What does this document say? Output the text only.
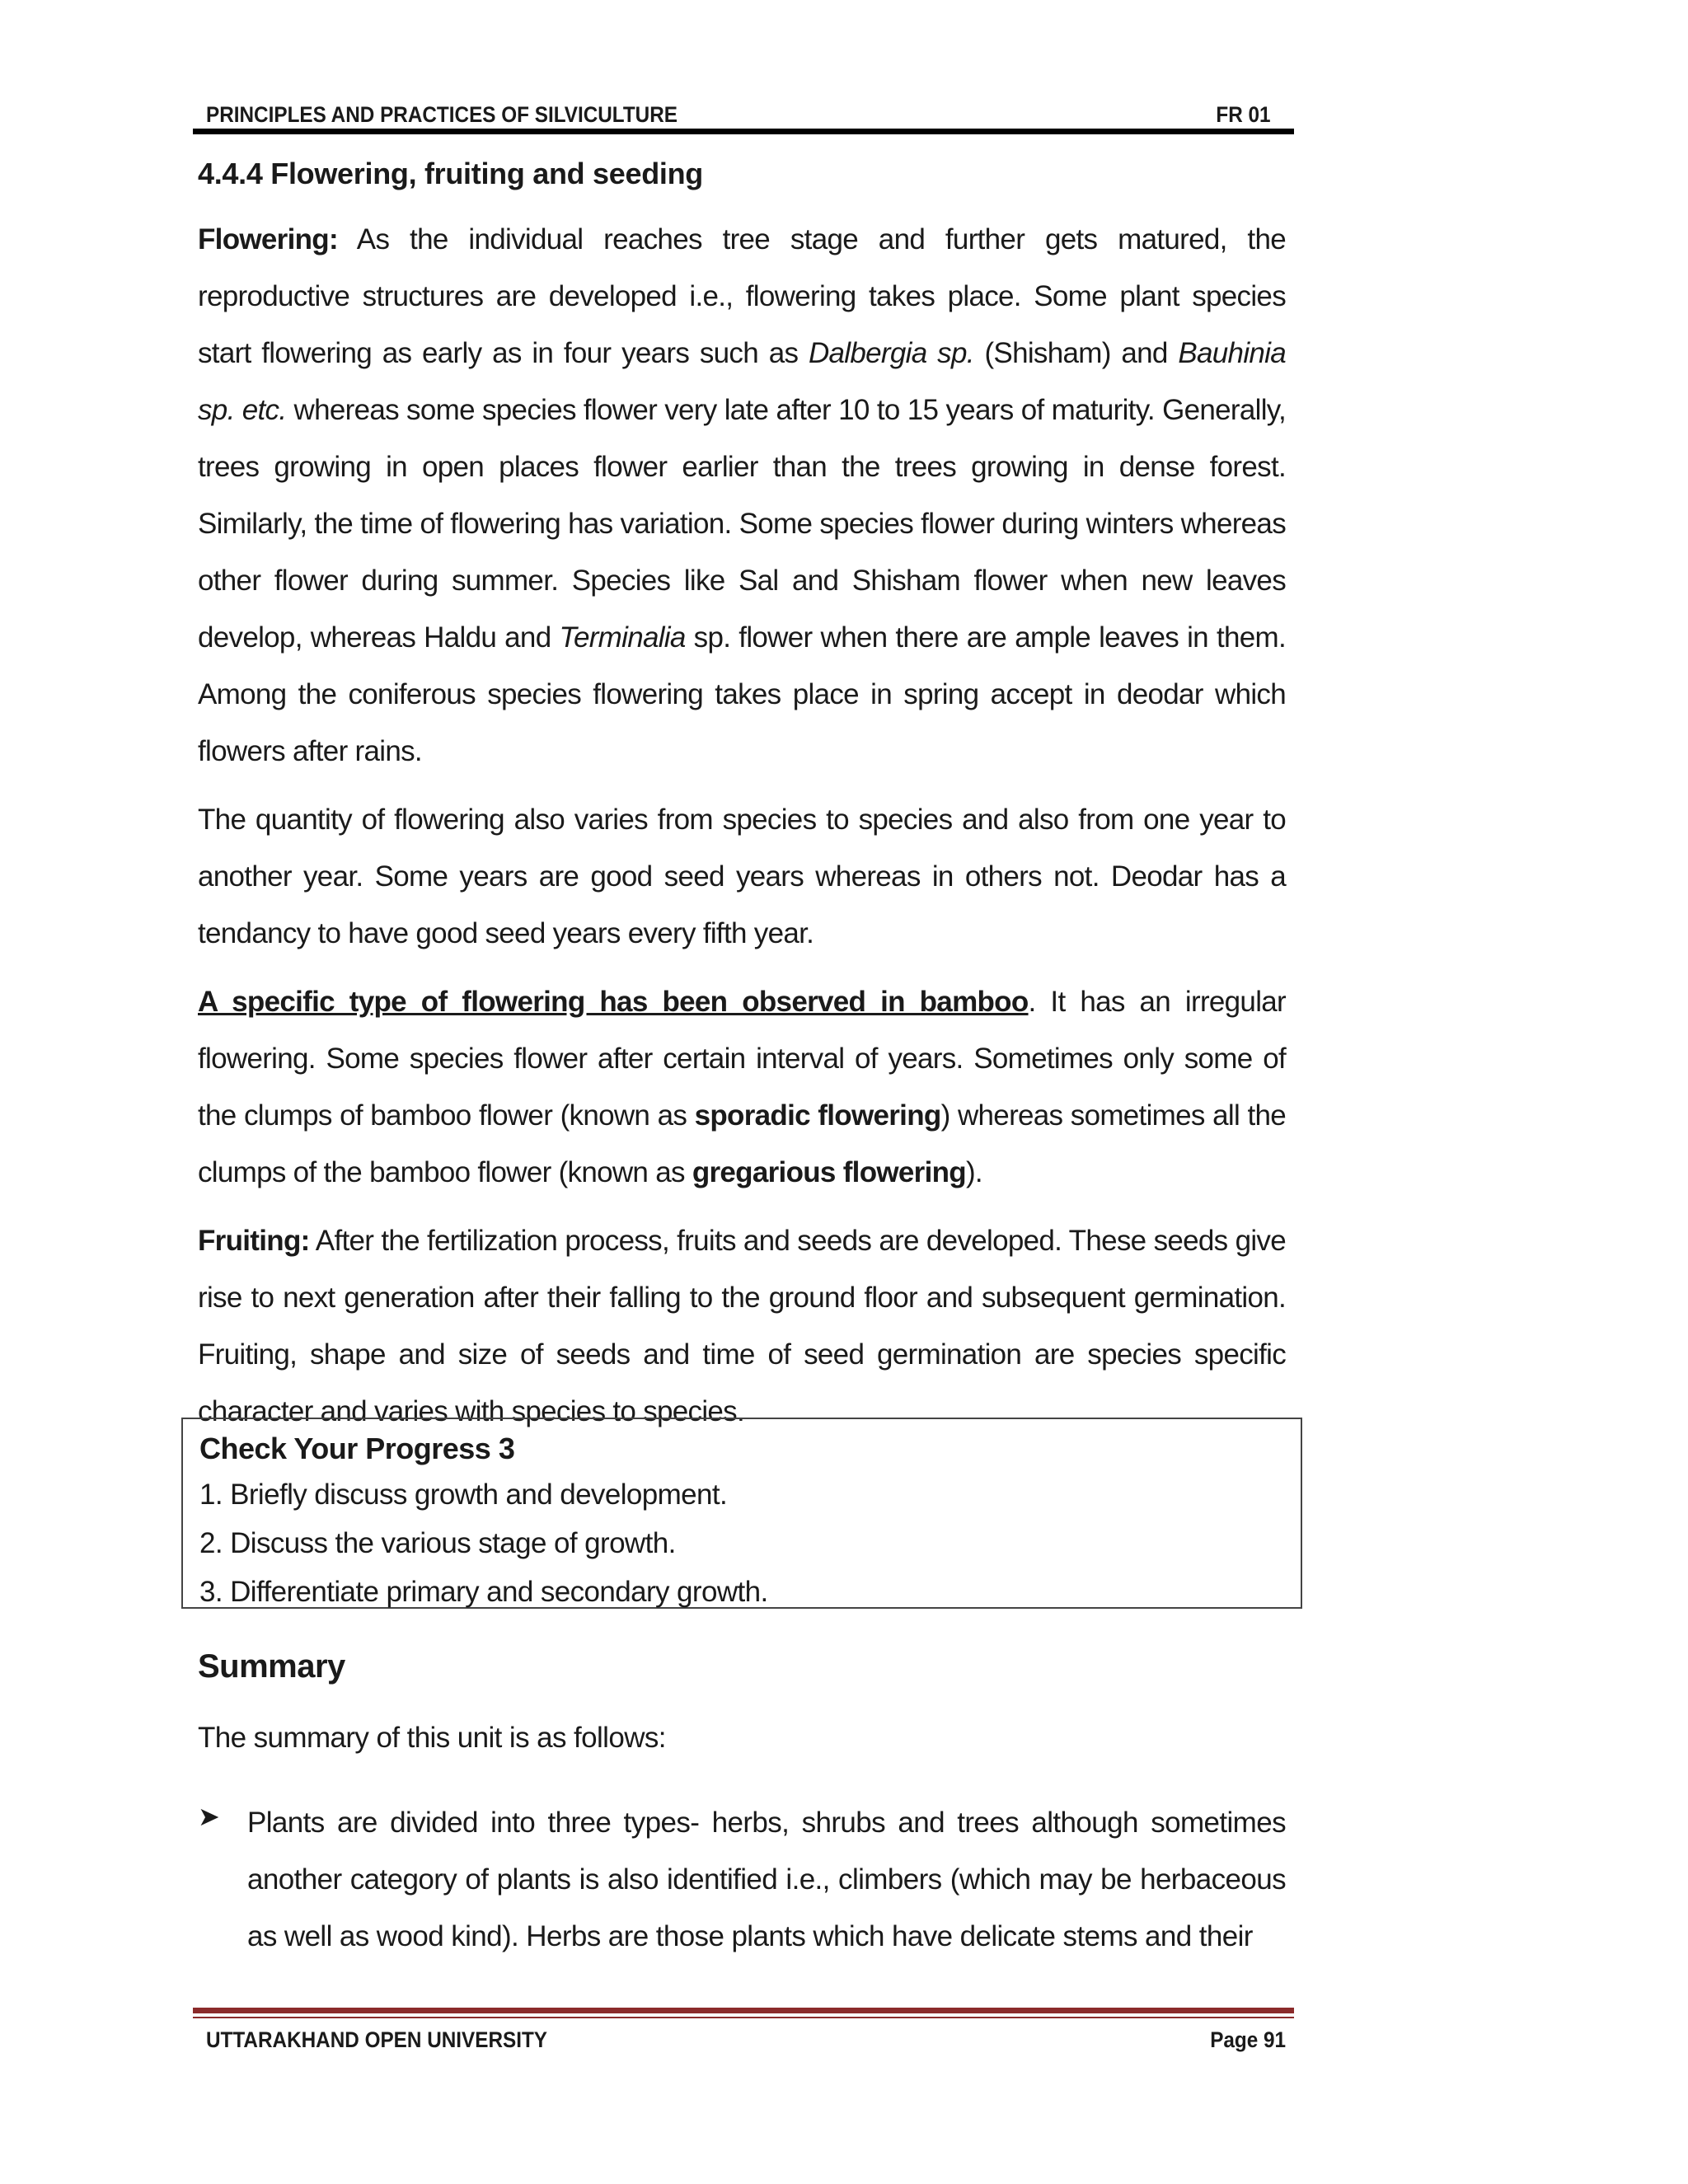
PRINCIPLES AND PRACTICES OF SILVICULTURE	FR 01
4.4.4 Flowering, fruiting and seeding

Flowering: As the individual reaches tree stage and further gets matured, the reproductive structures are developed i.e., flowering takes place. Some plant species start flowering as early as in four years such as Dalbergia sp. (Shisham) and Bauhinia sp. etc. whereas some species flower very late after 10 to 15 years of maturity. Generally, trees growing in open places flower earlier than the trees growing in dense forest. Similarly, the time of flowering has variation. Some species flower during winters whereas other flower during summer. Species like Sal and Shisham flower when new leaves develop, whereas Haldu and Terminalia sp. flower when there are ample leaves in them. Among the coniferous species flowering takes place in spring accept in deodar which flowers after rains.

The quantity of flowering also varies from species to species and also from one year to another year. Some years are good seed years whereas in others not. Deodar has a tendancy to have good seed years every fifth year.

A specific type of flowering has been observed in bamboo. It has an irregular flowering. Some species flower after certain interval of years. Sometimes only some of the clumps of bamboo flower (known as sporadic flowering) whereas sometimes all the clumps of the bamboo flower (known as gregarious flowering).

Fruiting: After the fertilization process, fruits and seeds are developed. These seeds give rise to next generation after their falling to the ground floor and subsequent germination. Fruiting, shape and size of seeds and time of seed germination are species specific character and varies with species to species.

Check Your Progress 3
1. Briefly discuss growth and development.
2. Discuss the various stage of growth.
3. Differentiate primary and secondary growth.
Summary
The summary of this unit is as follows:
➤ Plants are divided into three types- herbs, shrubs and trees although sometimes another category of plants is also identified i.e., climbers (which may be herbaceous as well as wood kind). Herbs are those plants which have delicate stems and their

UTTARAKHAND OPEN UNIVERSITY	Page 91
